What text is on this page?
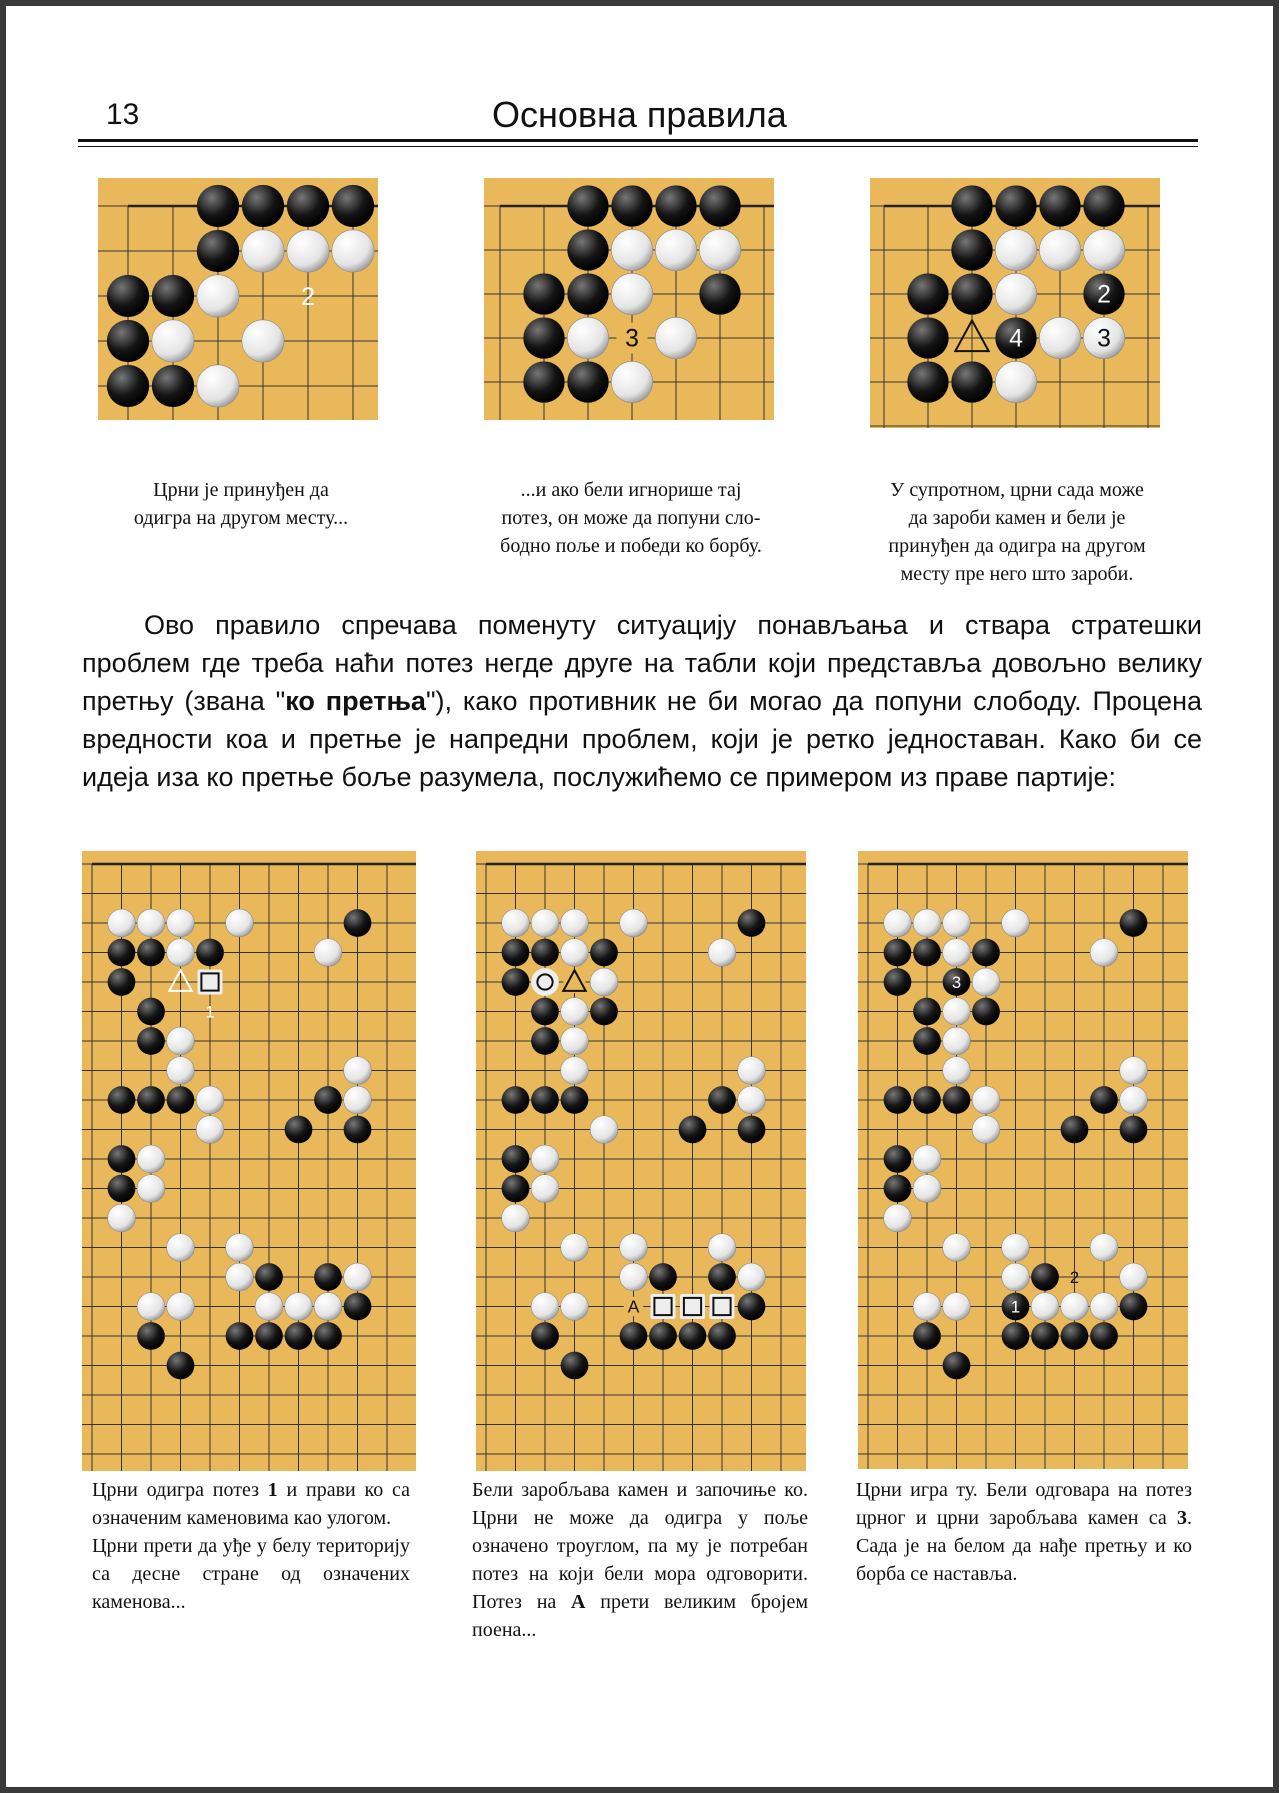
13	Основна правила
2
3
2
4	3
Црни је принуђен да
одигра на другом месту...
...и ако бели игнорише тај
потез, он може да попуни сло-
бодно поље и победи ко борбу.
У супротном, црни сада може
да зароби камен и бели је
принуђен да одигра на другом
месту пре него што зароби.

Ово правило спречава поменуту ситуацију понављања и ствара стратешки проблем где треба наћи потез негде друге на табли који представља довољно велику претњу (звана "ко претња"), како противник не би могао да попуни слободу. Процена вредности коа и претње је напредни проблем, који је ретко једноставан. Како би се идеја иза ко претње боље разумела, послужићемо се примером из праве партије:

1
A
3
1
2
Црни одигра потез 1 и прави ко са означеним каменовима као улогом.
Црни прети да уђе у белу територију са десне стране од означених каменова...
Бели заробљава камен и започиње ко. Црни не може да одигра у поље означено троуглом, па му је потребан потез на који бели мора одговорити. Потез на A прети великим бројем поена...
Црни игра ту. Бели одговара на потез црног и црни заробљава камен са 3. Сада је на белом да нађе претњу и ко борба се наставља.
